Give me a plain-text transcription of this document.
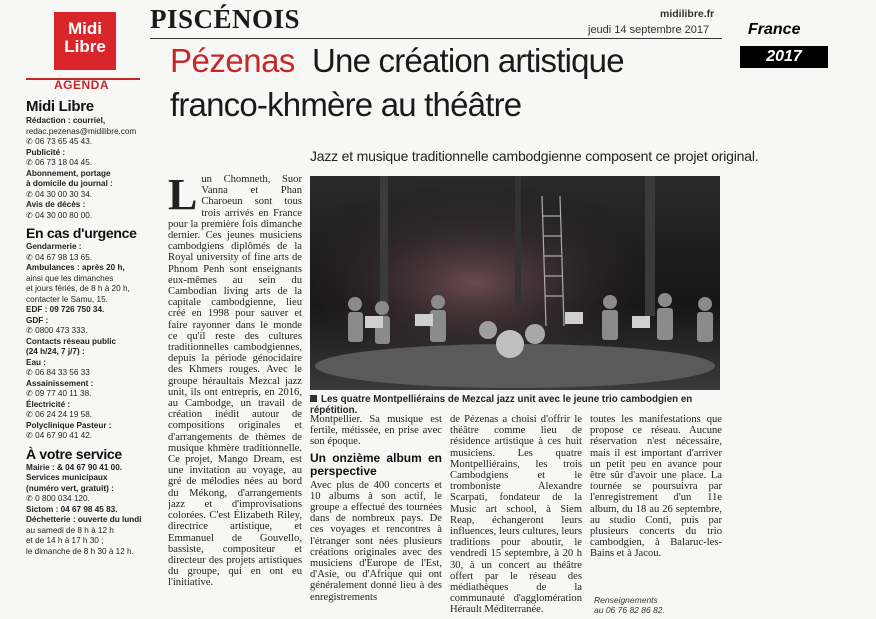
Midi
Libre
AGENDA
PISCÉNOIS	midilibre.fr
jeudi 14 septembre 2017 France
2017
Midi Libre
Rédaction : courriel,
redac.pezenas@midilibre.com
✆ 06 73 65 45 43.
Publicité :
✆ 06 73 18 04 45.
Abonnement, portage
à domicile du journal :
✆ 04 30 00 30 34.
Avis de décès :
✆ 04 30 00 80 00.
En cas d'urgence
Gendarmerie :
✆ 04 67 98 13 65.
Ambulances : après 20 h,
ainsi que les dimanches
et jours fériés, de 8 h à 20 h,
contacter le Samu, 15.
EDF : 09 726 750 34.
GDF :
✆ 0800 473 333.
Contacts réseau public
(24 h/24, 7 j/7) :
Eau :
✆ 06 84 33 56 33
Assainissement :
✆ 09 77 40 11 38.
Électricité :
✆ 06 24 24 19 58.
Polyclinique Pasteur :
✆ 04 67 90 41 42.
À votre service
Mairie : & 04 67 90 41 00.
Services municipaux
(numéro vert, gratuit) :
✆ 0 800 034 120.
Sictom : 04 67 98 45 83.
Déchetterie : ouverte du lundi
au samedi de 8 h à 12 h
et de 14 h à 17 h 30 ;
le dimanche de 8 h 30 à 12 h.
Pézenas Une création artistique
franco-khmère au théâtre
Jazz et musique traditionnelle cambodgienne composent ce projet original.
L un Chomneth, Suor Vanna et Phan Charoeun sont tous trois arrivés en France pour la première fois dimanche dernier. Ces jeunes musiciens cambodgiens diplômés de la Royal university of fine arts de Phnom Penh sont enseignants eux-mêmes au sein du Cambodian living arts de la capitale cambodgienne, lieu créé en 1998 pour sauver et faire rayonner dans le monde ce qu'il reste des cultures traditionnelles cambodgiennes, depuis la période génocidaire des Khmers rouges. Avec le groupe héraultais Mezcal jazz unit, ils ont entrepris, en 2016, au Cambodge, un travail de création inédit autour de compositions originales et d'arrangements de thèmes de musique khmère traditionnelle. Ce projet, Mango Dream, est une invitation au voyage, au gré de mélodies nées au bord du Mékong, d'arrangements jazz et d'improvisations colorées. C'est Élizabeth Riley, directrice artistique, et Emmanuel de Gouvello, bassiste, compositeur et directeur des projets artistiques du groupe, qui en ont eu l'initiative.
Les quatre Montpelliérains de Mezcal jazz unit avec le jeune trio cambodgien en répétition.
Montpellier. Sa musique est fertile, métissée, en prise avec son époque.
Un onzième album en perspective
Avec plus de 400 concerts et 10 albums à son actif, le groupe a effectué des tournées dans de nombreux pays. De ces voyages et rencontres à l'étranger sont nées plusieurs créations originales avec des musiciens d'Europe de l'Est, d'Asie, ou d'Afrique qui ont généralement donné lieu à des enregistrements
de Pézenas a choisi d'offrir le théâtre comme lieu de résidence artistique à ces huit musiciens. Les quatre Montpelliérains, les trois Cambodgiens et le tromboniste Alexandre Scarpati, fondateur de la Music art school, à Siem Reap, échangeront leurs influences, leurs cultures, leurs traditions pour aboutir, le vendredi 15 septembre, à 20 h 30, à un concert au théâtre offert par le réseau des médiathèques de la communauté d'agglomération Hérault Méditerranée.
toutes les manifestations que propose ce réseau. Aucune réservation n'est nécessaire, mais il est important d'arriver un petit peu en avance pour être sûr d'avoir une place. La tournée se poursuivra par l'enregistrement d'un 11e album, du 18 au 26 septembre, au studio Conti, puis par plusieurs concerts du trio cambodgien, à Balaruc-les-Bains et à Jacou.
Renseignements
au 06 76 82 86 82.
